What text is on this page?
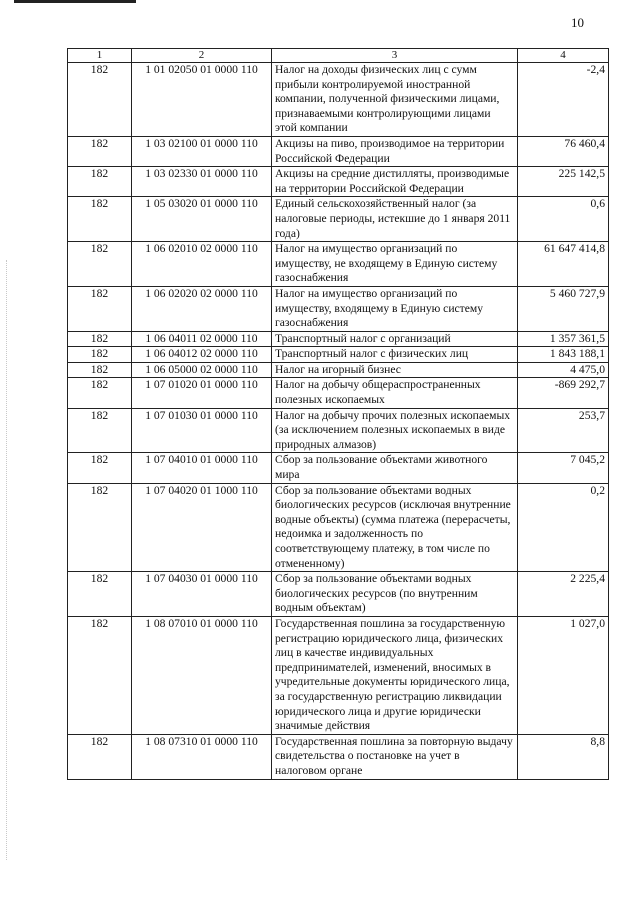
10
1	2	3	4
182	1 01 02050 01 0000 110	Налог на доходы физических лиц с сумм прибыли контролируемой иностранной компании, полученной физическими лицами, признаваемыми контролирующими лицами этой компании	-2,4
182	1 03 02100 01 0000 110	Акцизы на пиво, производимое на территории Российской Федерации	76 460,4
182	1 03 02330 01 0000 110	Акцизы на средние дистилляты, производимые на территории Российской Федерации	225 142,5
182	1 05 03020 01 0000 110	Единый сельскохозяйственный налог (за налоговые периоды, истекшие до 1 января 2011 года)	0,6
182	1 06 02010 02 0000 110	Налог на имущество организаций по имуществу, не входящему в Единую систему газоснабжения	61 647 414,8
182	1 06 02020 02 0000 110	Налог на имущество организаций по имуществу, входящему в Единую систему газоснабжения	5 460 727,9
182	1 06 04011 02 0000 110	Транспортный налог с организаций	1 357 361,5
182	1 06 04012 02 0000 110	Транспортный налог с физических лиц	1 843 188,1
182	1 06 05000 02 0000 110	Налог на игорный бизнес	4 475,0
182	1 07 01020 01 0000 110	Налог на добычу общераспространенных полезных ископаемых	-869 292,7
182	1 07 01030 01 0000 110	Налог на добычу прочих полезных ископаемых (за исключением полезных ископаемых в виде природных алмазов)	253,7
182	1 07 04010 01 0000 110	Сбор за пользование объектами животного мира	7 045,2
182	1 07 04020 01 1000 110	Сбор за пользование объектами водных биологических ресурсов (исключая внутренние водные объекты) (сумма платежа (перерасчеты, недоимка и задолженность по соответствующему платежу, в том числе по отмененному)	0,2
182	1 07 04030 01 0000 110	Сбор за пользование объектами водных биологических ресурсов (по внутренним водным объектам)	2 225,4
182	1 08 07010 01 0000 110	Государственная пошлина за государственную регистрацию юридического лица, физических лиц в качестве индивидуальных предпринимателей, изменений, вносимых в учредительные документы юридического лица, за государственную регистрацию ликвидации юридического лица и другие юридически значимые действия	1 027,0
182	1 08 07310 01 0000 110	Государственная пошлина за повторную выдачу свидетельства о постановке на учет в налоговом органе	8,8
